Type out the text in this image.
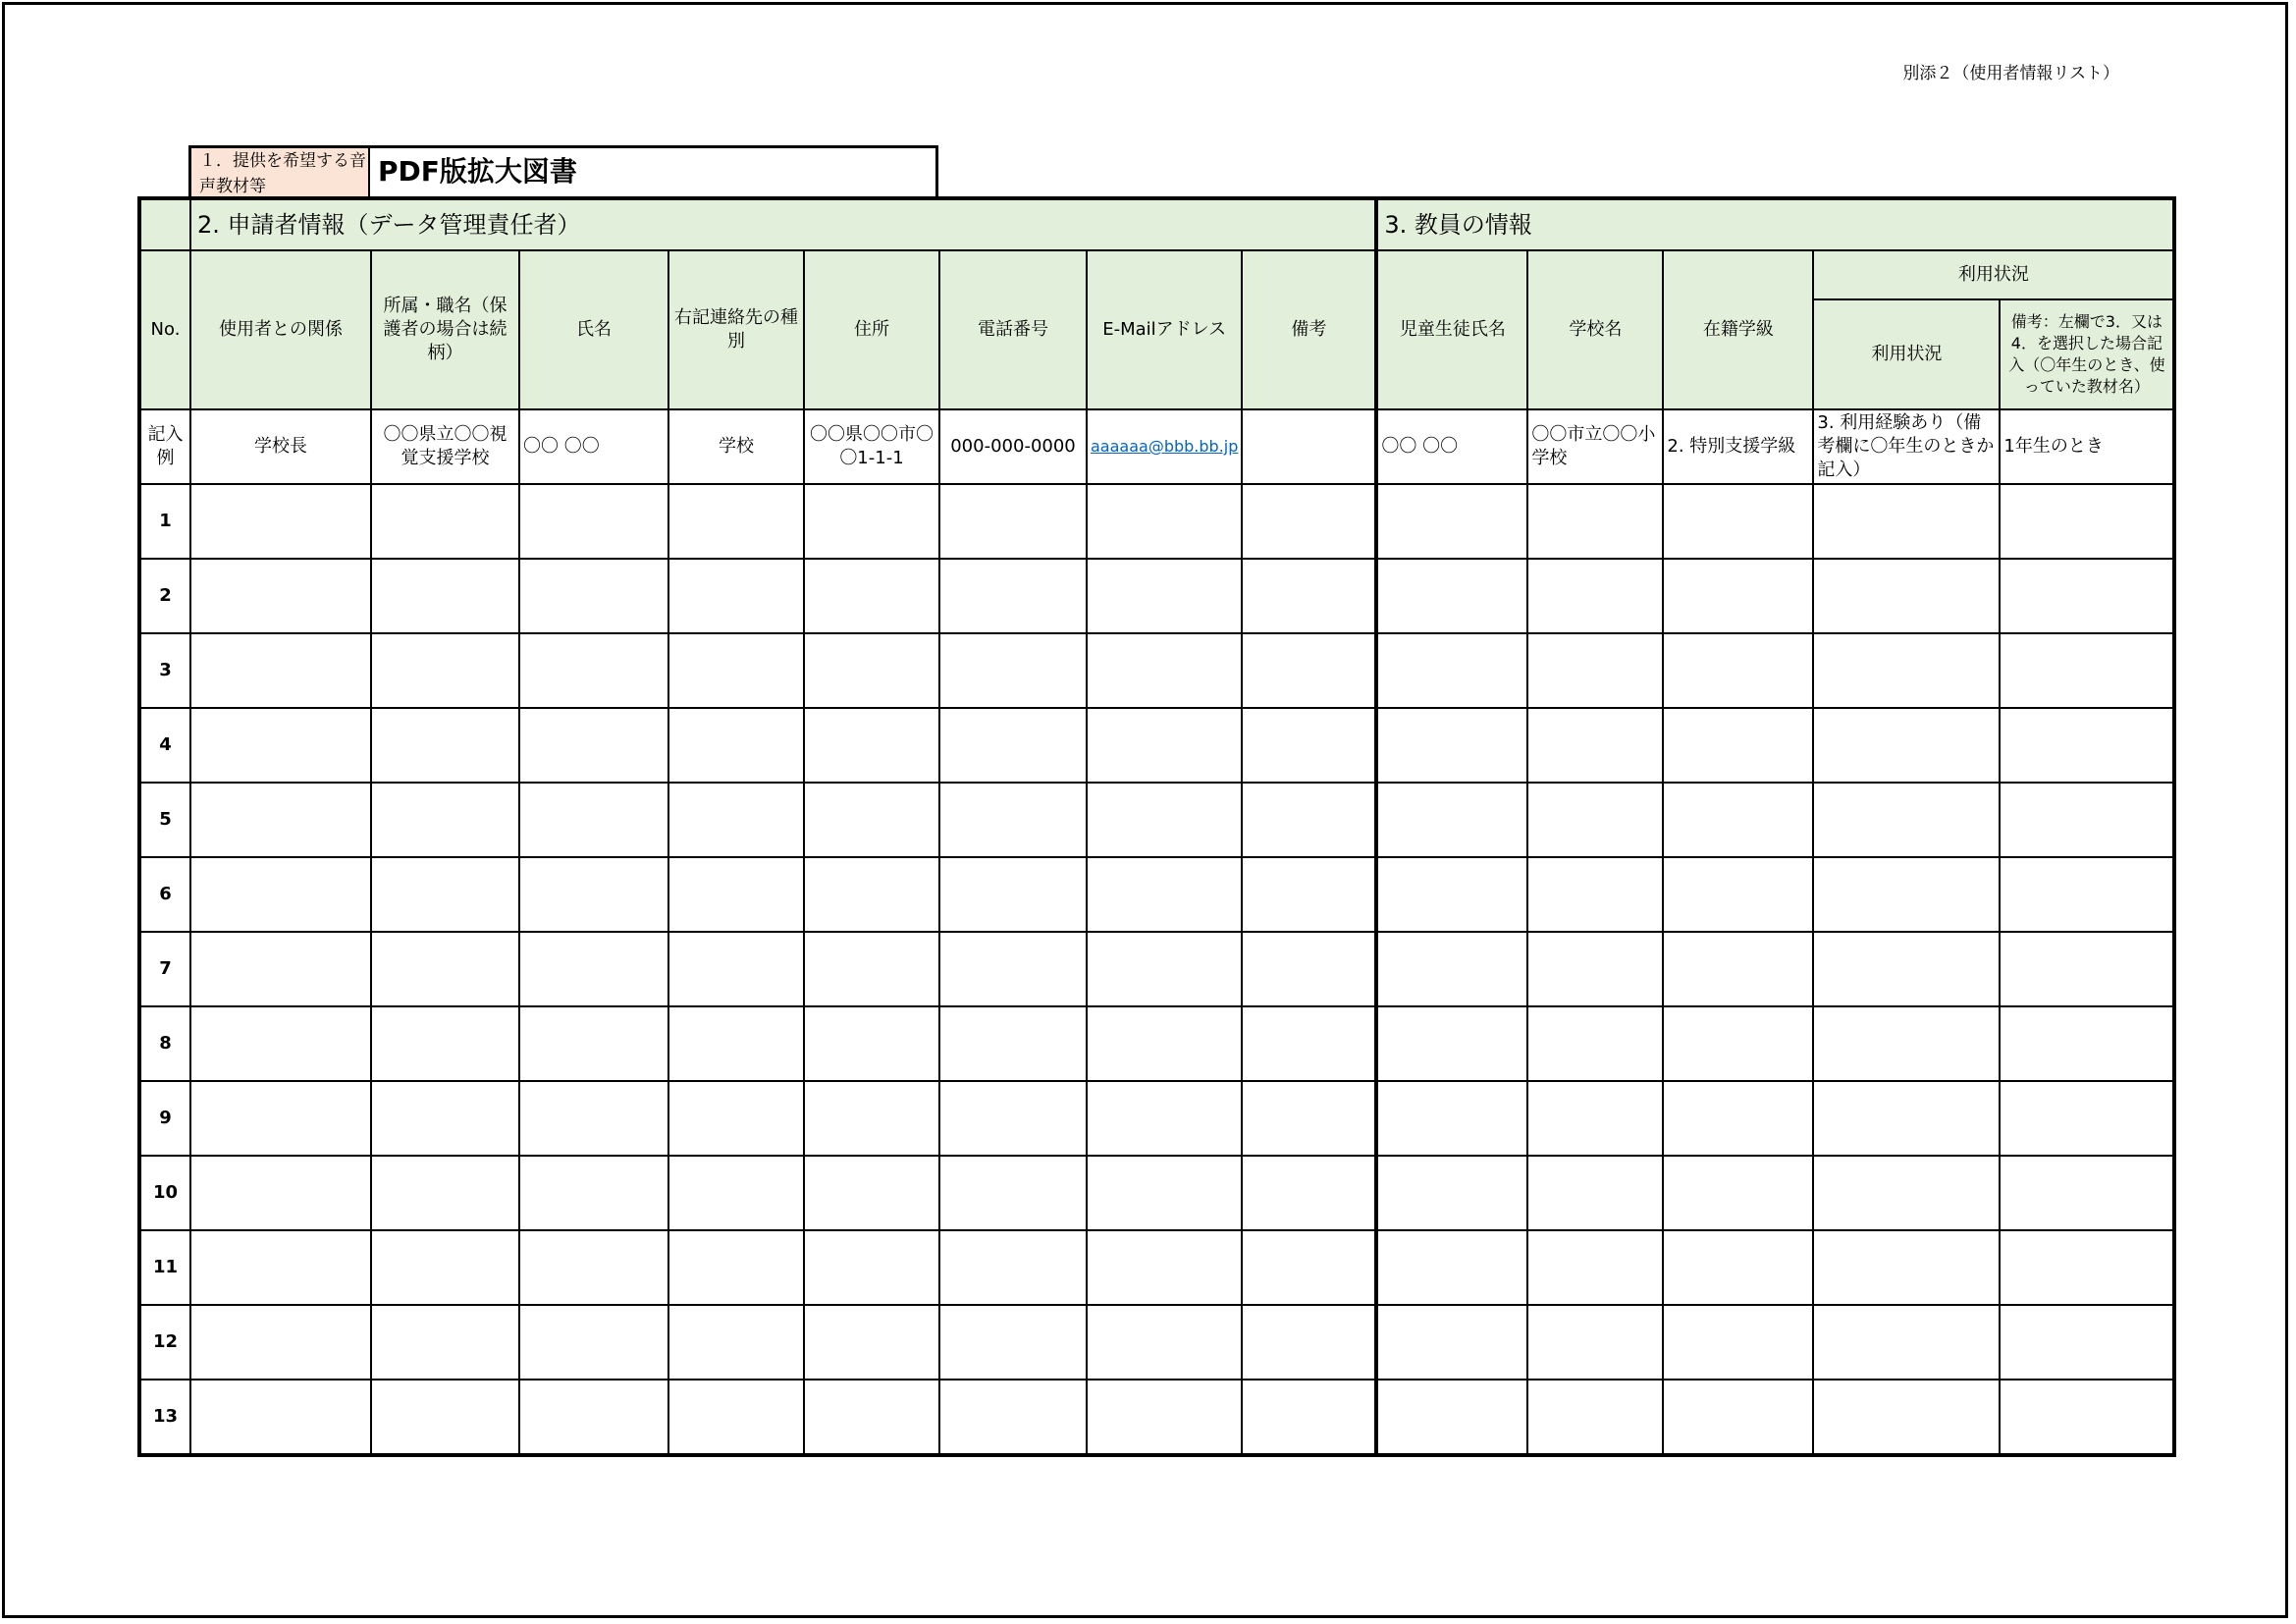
別添２（使用者情報リスト）
１．提供を希望する音声教材等	PDF版拡大図書
	2. 申請者情報（データ管理責任者）								3. 教員の情報				
No.	使用者との関係	所属・職名（保護者の場合は続柄）	氏名	右記連絡先の種別	住所	電話番号	E-Mailアドレス	備考	児童生徒氏名	学校名	在籍学級	利用状況	
												利用状況	備考：左欄で3．又は4．を選択した場合記入（〇年生のとき、使っていた教材名）
記入例	学校長	〇〇県立〇〇視覚支援学校	〇〇 〇〇	学校	〇〇県〇〇市〇〇1-1-1	000-000-0000	aaaaaa@bbb.bb.jp		〇〇 〇〇	〇〇市立〇〇小学校	2. 特別支援学級	3. 利用経験あり（備考欄に〇年生のときか記入）	1年生のとき
1													
2													
3													
4													
5													
6													
7													
8													
9													
10													
11													
12													
13													
